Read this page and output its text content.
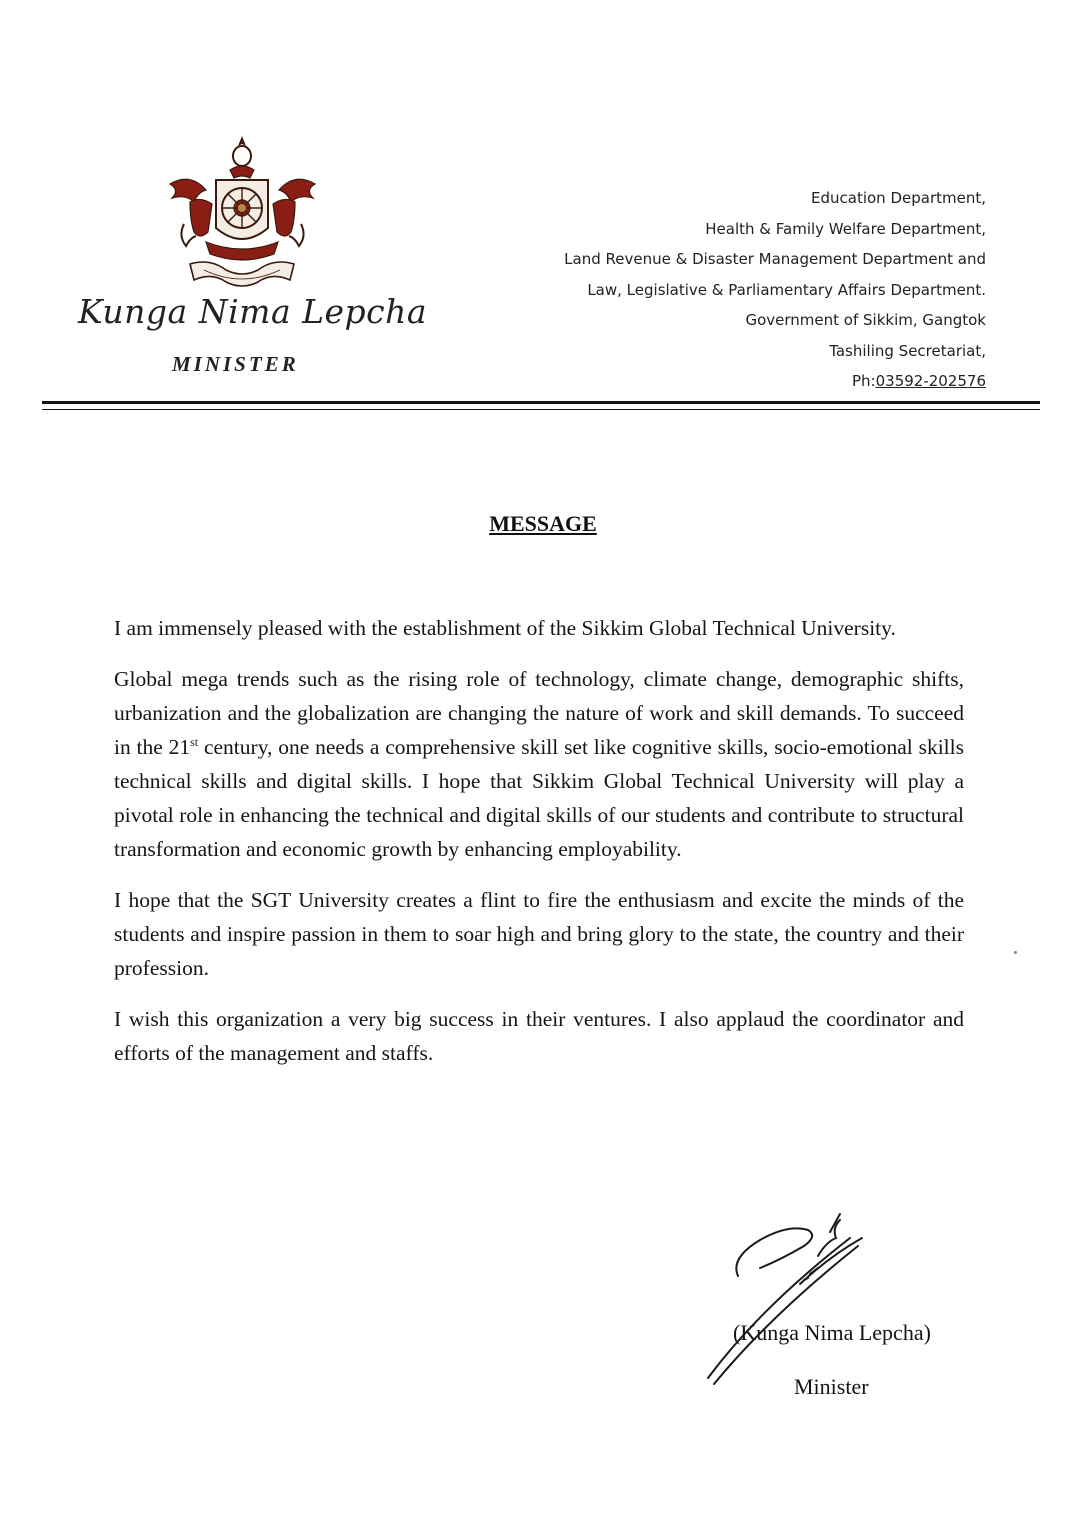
Kunga Nima Lepcha
MINISTER
Education Department,
Health & Family Welfare Department,
Land Revenue & Disaster Management Department and
Law, Legislative & Parliamentary Affairs Department.
Government of Sikkim, Gangtok
Tashiling Secretariat,
Ph:03592-202576
MESSAGE

I am immensely pleased with the establishment of the Sikkim Global Technical University.

Global mega trends such as the rising role of technology, climate change, demographic shifts, urbanization and the globalization are changing the nature of work and skill demands. To succeed in the 21st century, one needs a comprehensive skill set like cognitive skills, socio-emotional skills technical skills and digital skills. I hope that Sikkim Global Technical University will play a pivotal role in enhancing the technical and digital skills of our students and contribute to structural transformation and economic growth by enhancing employability.

I hope that the SGT University creates a flint to fire the enthusiasm and excite the minds of the students and inspire passion in them to soar high and bring glory to the state, the country and their profession.

I wish this organization a very big success in their ventures. I also applaud the coordinator and efforts of the management and staffs.

(Kunga Nima Lepcha)
Minister
